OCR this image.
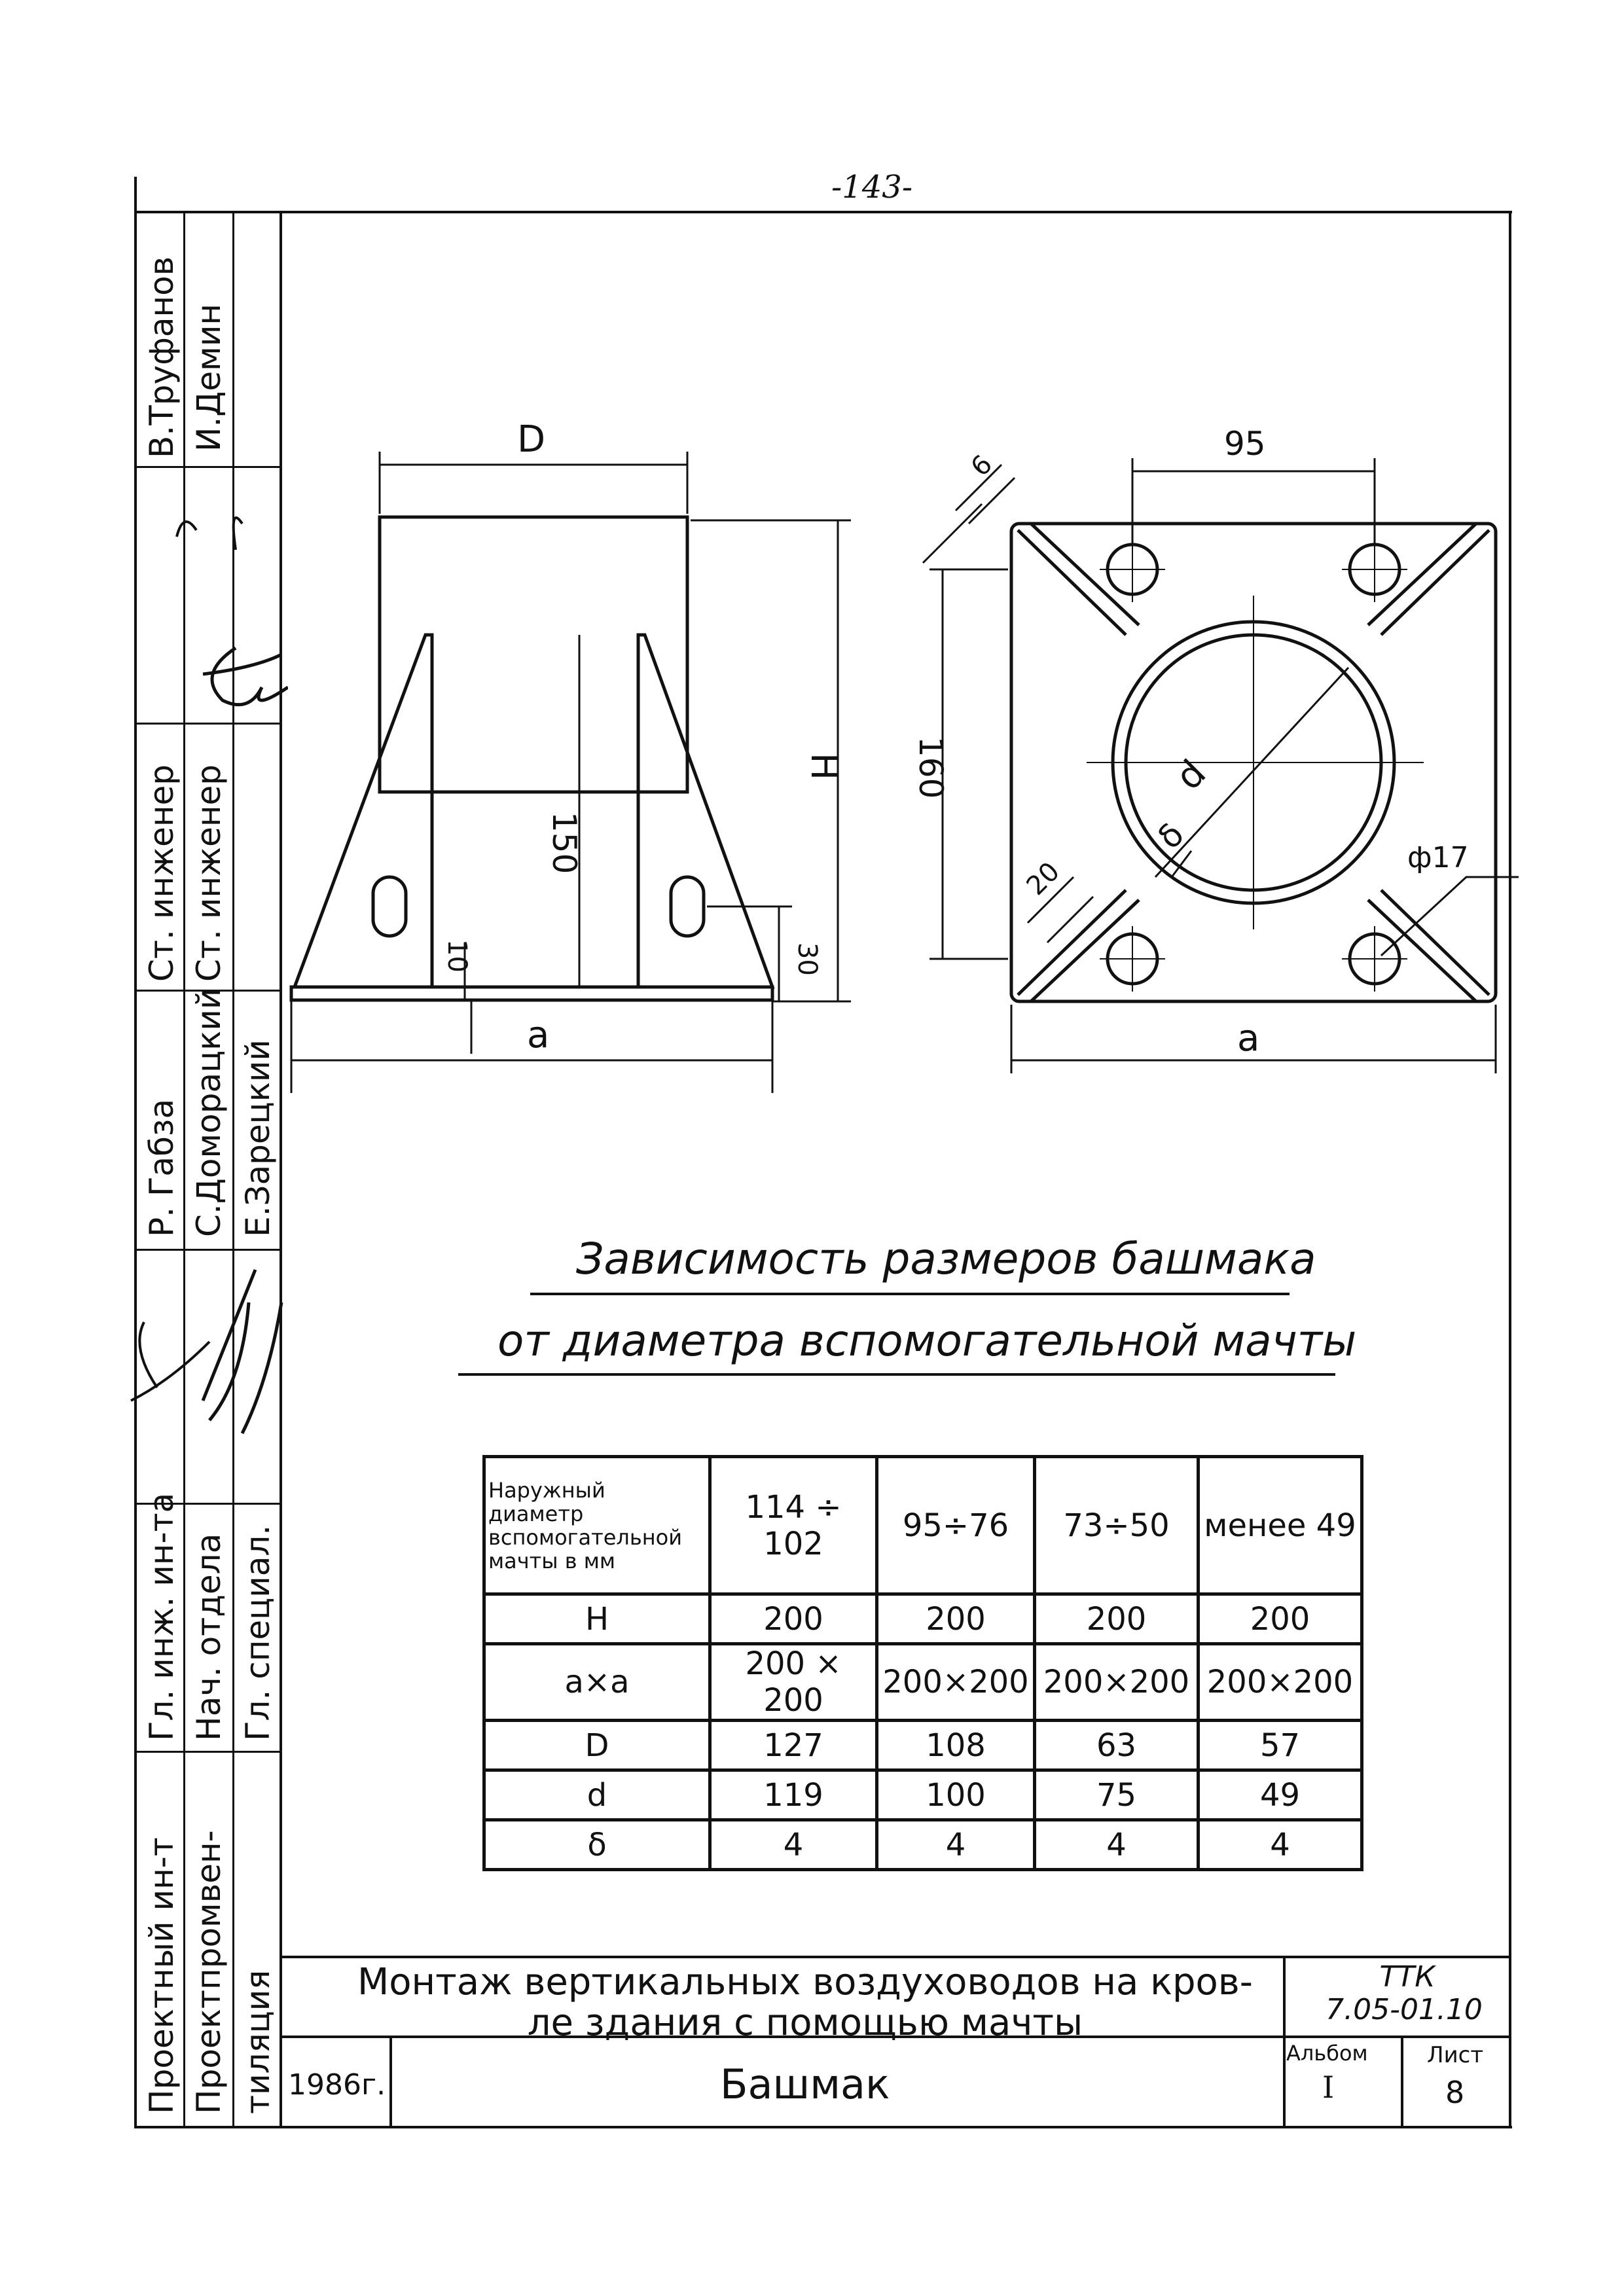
-143-
В.Труфанов И.Демин
Ст. инженер Ст. инженер
Р. Габза С.Доморацкий Е.Зарецкий
Гл. инж. ин-та Нач. отдела Гл. специал.
Проектный ин-т Проектпромвен- тиляция
D
H
150
10	30
a
95
6
160	d
δ
20	ф17
a
Зависимость размеров башмака
от диаметра вспомогательной мачты
Наружный
диаметр
вспомогательной
мачты в мм	114 ÷ 102	95÷76	73÷50	менее 49
H	200	200	200	200
a×a	200 × 200	200×200	200×200	200×200
D	127	108	63	57
d	119	100	75	49
δ	4	4	4	4
Монтаж вертикальных воздуховодов на кров-
ле здания с помощью мачты
ТТК
7.05-01.10
1986г.	Башмак
Альбом
I
Лист
8
